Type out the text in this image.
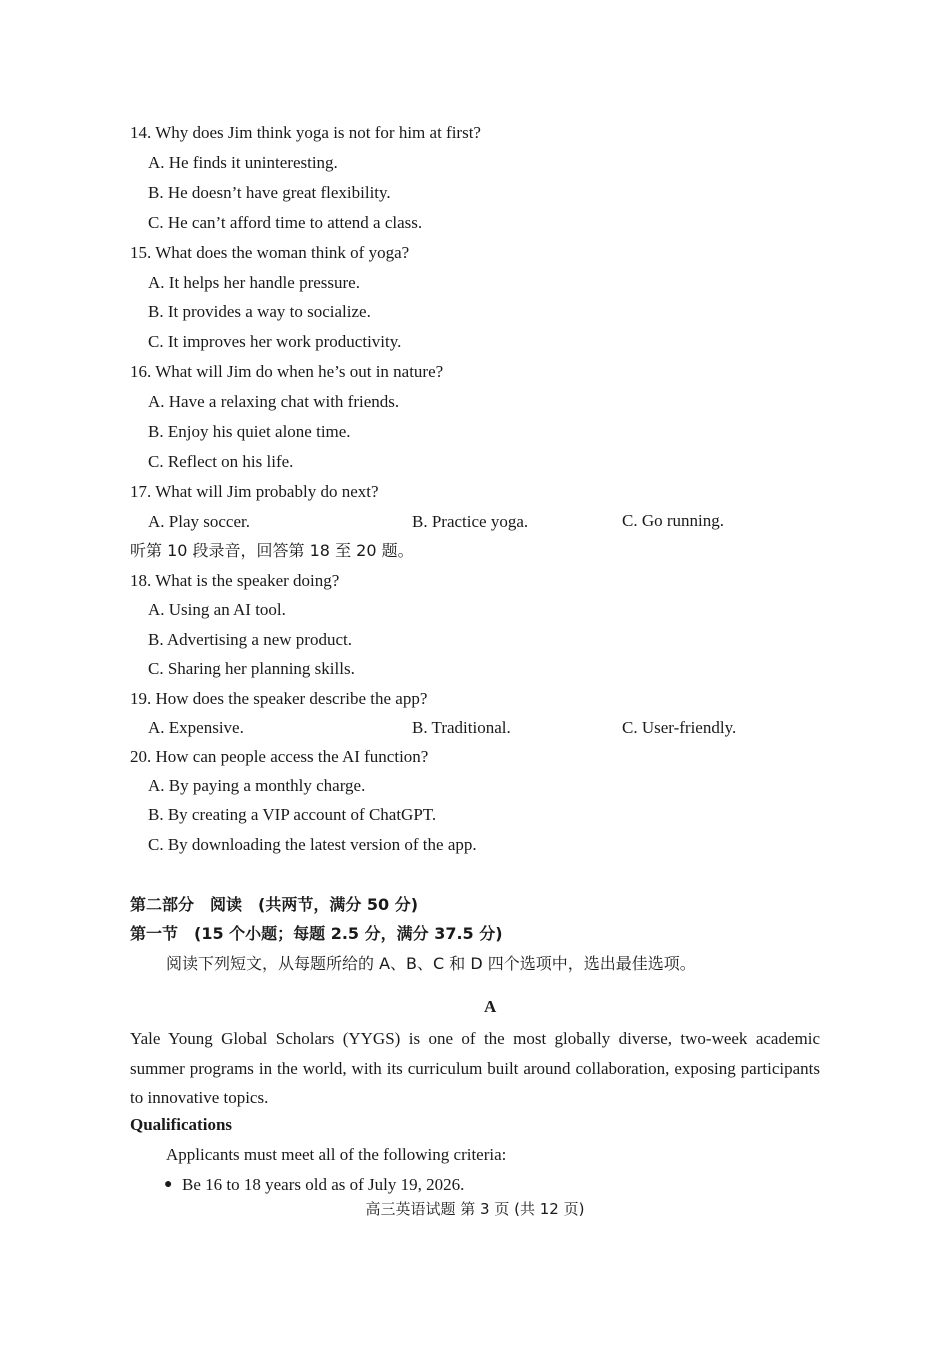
14. Why does Jim think yoga is not for him at first?
A. He finds it uninteresting.
B. He doesn’t have great flexibility.
C. He can’t afford time to attend a class.
15. What does the woman think of yoga?
A. It helps her handle pressure.
B. It provides a way to socialize.
C. It improves her work productivity.
16. What will Jim do when he’s out in nature?
A. Have a relaxing chat with friends.
B. Enjoy his quiet alone time.
C. Reflect on his life.
17. What will Jim probably do next?
A. Play soccer.	B. Practice yoga.	C. Go running.
听第 10 段录音，回答第 18 至 20 题。
18. What is the speaker doing?
A. Using an AI tool.
B. Advertising a new product.
C. Sharing her planning skills.
19. How does the speaker describe the app?
A. Expensive.	B. Traditional.	C. User-friendly.
20. How can people access the AI function?
A. By paying a monthly charge.
B. By creating a VIP account of ChatGPT.
C. By downloading the latest version of the app.
第二部分　阅读　(共两节，满分 50 分)
第一节　(15 个小题；每题 2.5 分，满分 37.5 分)
阅读下列短文，从每题所给的 A、B、C 和 D 四个选项中，选出最佳选项。
A
Yale Young Global Scholars (YYGS) is one of the most globally diverse, two-week academic summer programs in the world, with its curriculum built around collaboration, exposing participants to innovative topics.
Qualifications
Applicants must meet all of the following criteria:
● Be 16 to 18 years old as of July 19, 2026.
高三英语试题 第 3 页 (共 12 页)
